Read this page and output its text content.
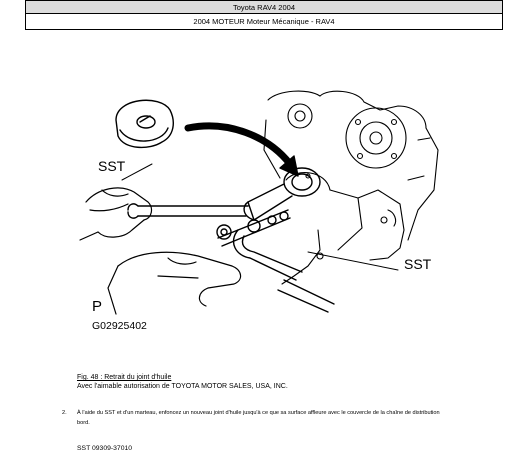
Toyota RAV4 2004
2004 MOTEUR Moteur Mécanique - RAV4
SST
SST
P
G02925402
Fig. 48 : Retrait du joint d'huile
Avec l'aimable autorisation de TOYOTA MOTOR SALES, USA, INC.
2. À l'aide du SST et d'un marteau, enfoncez un nouveau joint d'huile jusqu'à ce que sa surface affleure avec le couvercle de la chaîne de distribution
bord.
SST 09309-37010
